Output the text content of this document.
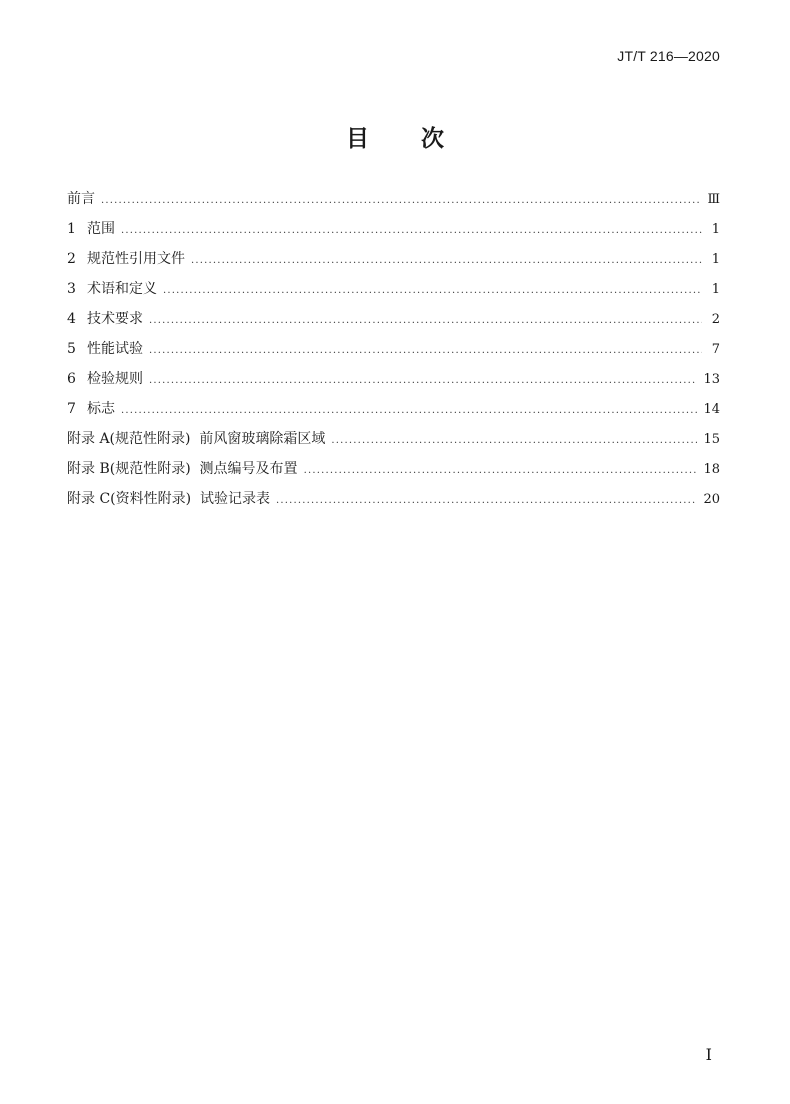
JT/T 216—2020
目 次
前言 .....	Ⅲ
1 范围 .....	1
2 规范性引用文件 .....	1
3 术语和定义 .....	1
4 技术要求 .....	2
5 性能试验 .....	7
6 检验规则 .....	13
7 标志 .....	14
附录 A(规范性附录)  前风窗玻璃除霜区域 .....	15
附录 B(规范性附录)  测点编号及布置 .....	18
附录 C(资料性附录)  试验记录表 .....	20
I
